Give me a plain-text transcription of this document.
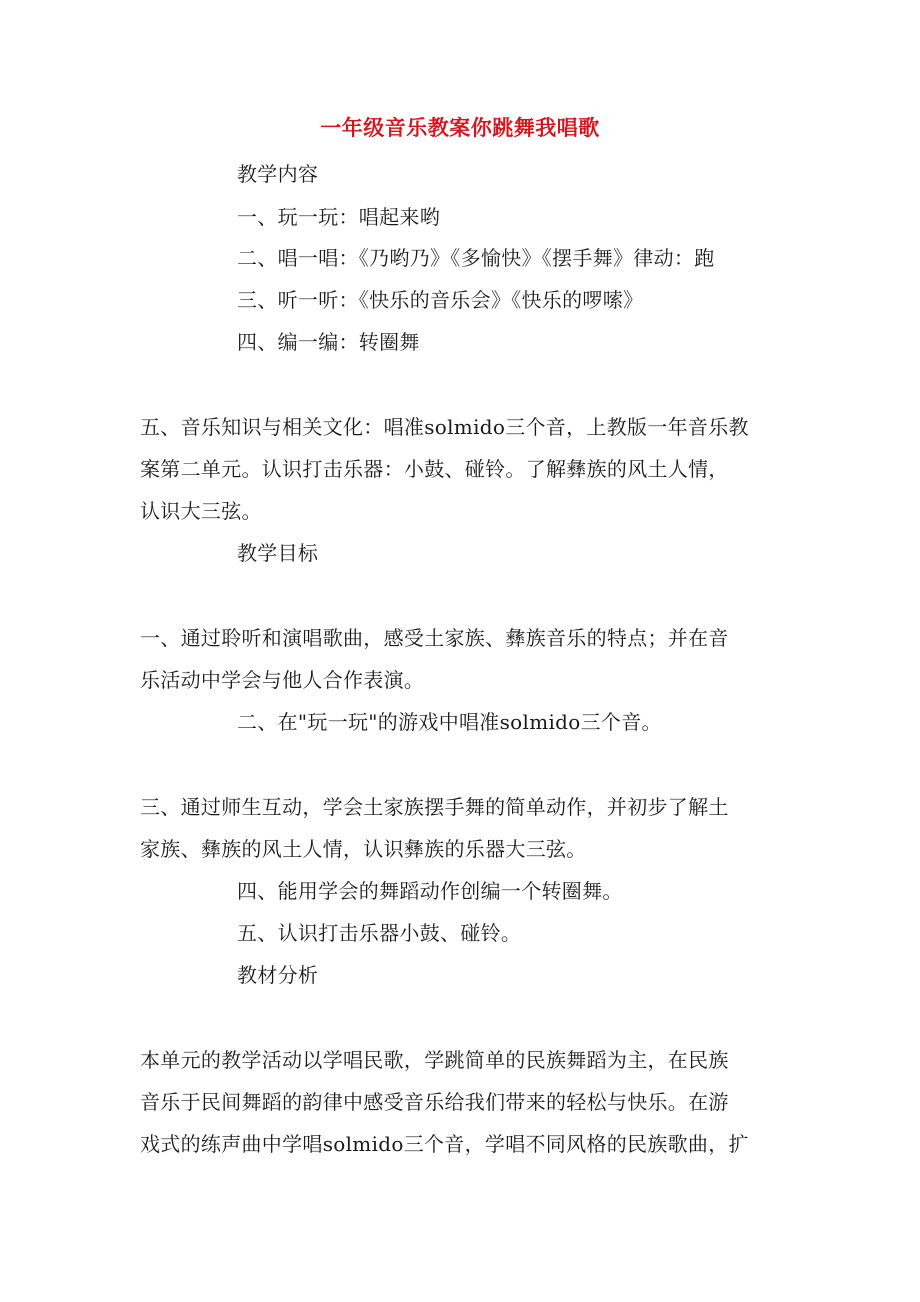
一年级音乐教案你跳舞我唱歌
教学内容
一、玩一玩：唱起来哟
二、唱一唱：《乃哟乃》《多愉快》《摆手舞》律动：跑
三、听一听：《快乐的音乐会》《快乐的啰嗦》
四、编一编：转圈舞
五、音乐知识与相关文化：唱准solmido三个音，上教版一年音乐教
案第二单元。认识打击乐器：小鼓、碰铃。了解彝族的风土人情，
认识大三弦。
教学目标
一、通过聆听和演唱歌曲，感受土家族、彝族音乐的特点；并在音
乐活动中学会与他人合作表演。
二、在"玩一玩"的游戏中唱准solmido三个音。
三、通过师生互动，学会土家族摆手舞的简单动作，并初步了解土
家族、彝族的风土人情，认识彝族的乐器大三弦。
四、能用学会的舞蹈动作创编一个转圈舞。
五、认识打击乐器小鼓、碰铃。
教材分析
本单元的教学活动以学唱民歌，学跳简单的民族舞蹈为主，在民族
音乐于民间舞蹈的韵律中感受音乐给我们带来的轻松与快乐。在游
戏式的练声曲中学唱solmido三个音，学唱不同风格的民族歌曲，扩
